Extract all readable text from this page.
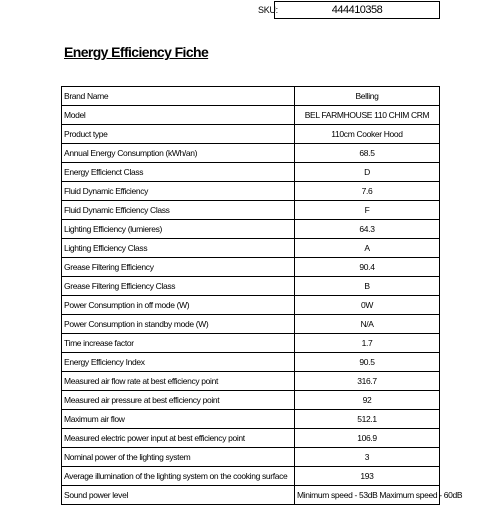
SKU:	444410358
Energy Efficiency Fiche
Brand Name	Belling
Model	BEL FARMHOUSE 110 CHIM CRM
Product type	110cm Cooker Hood
Annual Energy Consumption (kWh/an)	68.5
Energy Efficienct Class	D
Fluid Dynamic Efficiency	7.6
Fluid Dynamic Efficiency Class	F
Lighting Efficiency (lumieres)	64.3
Lighting Efficiency Class	A
Grease Filtering Efficiency	90.4
Grease Filtering Efficiency Class	B
Power Consumption in off mode (W)	0W
Power Consumption in standby mode (W)	N/A
Time increase factor	1.7
Energy Efficiency Index	90.5
Measured air flow rate at best efficiency point	316.7
Measured air pressure at best efficiency point	92
Maximum air flow	512.1
Measured electric power input at best efficiency point	106.9
Nominal power of the lighting system	3
Average illumination of the lighting system on the cooking surface	193
Sound power level	Minimum speed - 53dB Maximum speed - 60dB
